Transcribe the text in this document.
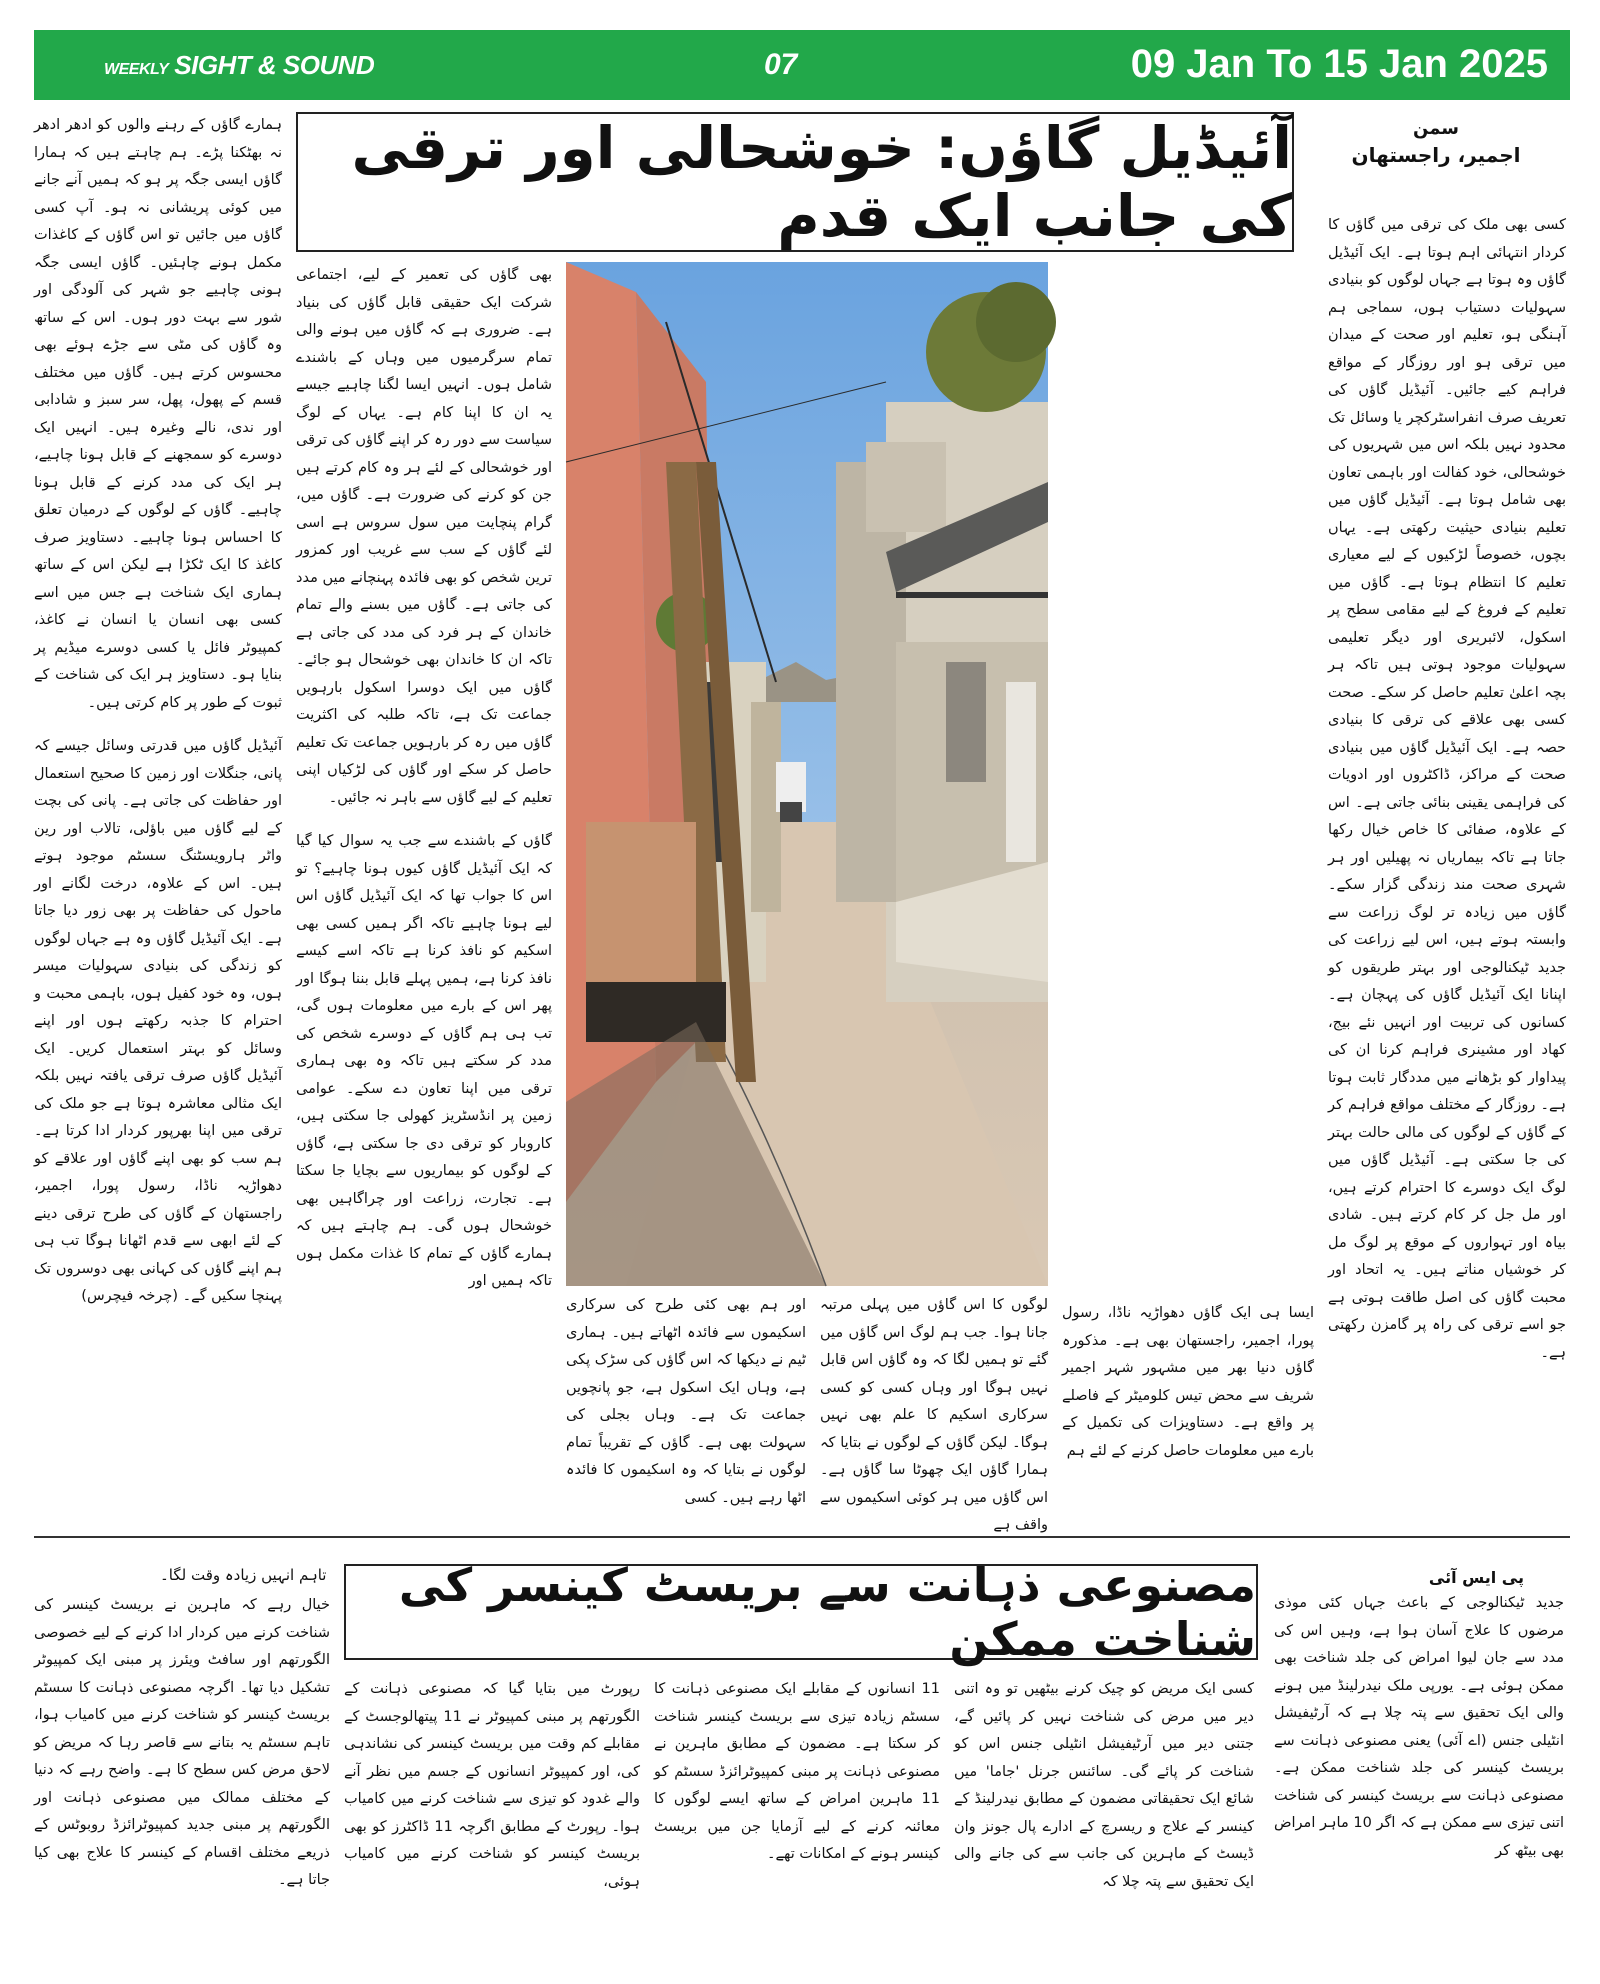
WEEKLY SIGHT & SOUND	07	09 Jan To 15 Jan 2025
آئیڈیل گاؤں: خوشحالی اور ترقی کی جانب ایک قدم
سمن
اجمیر، راجستھان

کسی بھی ملک کی ترقی میں گاؤں کا کردار انتہائی اہم ہوتا ہے۔ ایک آئیڈیل گاؤں وہ ہوتا ہے جہاں لوگوں کو بنیادی سہولیات دستیاب ہوں، سماجی ہم آہنگی ہو، تعلیم اور صحت کے میدان میں ترقی ہو اور روزگار کے مواقع فراہم کیے جائیں۔ آئیڈیل گاؤں کی تعریف صرف انفراسٹرکچر یا وسائل تک محدود نہیں بلکہ اس میں شہریوں کی خوشحالی، خود کفالت اور باہمی تعاون بھی شامل ہوتا ہے۔ آئیڈیل گاؤں میں تعلیم بنیادی حیثیت رکھتی ہے۔ یہاں بچوں، خصوصاً لڑکیوں کے لیے معیاری تعلیم کا انتظام ہوتا ہے۔ گاؤں میں تعلیم کے فروغ کے لیے مقامی سطح پر اسکول، لائبریری اور دیگر تعلیمی سہولیات موجود ہوتی ہیں تاکہ ہر بچہ اعلیٰ تعلیم حاصل کر سکے۔ صحت کسی بھی علاقے کی ترقی کا بنیادی حصہ ہے۔ ایک آئیڈیل گاؤں میں بنیادی صحت کے مراکز، ڈاکٹروں اور ادویات کی فراہمی یقینی بنائی جاتی ہے۔ اس کے علاوہ، صفائی کا خاص خیال رکھا جاتا ہے تاکہ بیماریاں نہ پھیلیں اور ہر شہری صحت مند زندگی گزار سکے۔ گاؤں میں زیادہ تر لوگ زراعت سے وابستہ ہوتے ہیں، اس لیے زراعت کی جدید ٹیکنالوجی اور بہتر طریقوں کو اپنانا ایک آئیڈیل گاؤں کی پہچان ہے۔ کسانوں کی تربیت اور انہیں نئے بیج، کھاد اور مشینری فراہم کرنا ان کی پیداوار کو بڑھانے میں مددگار ثابت ہوتا ہے۔ روزگار کے مختلف مواقع فراہم کر کے گاؤں کے لوگوں کی مالی حالت بہتر کی جا سکتی ہے۔ آئیڈیل گاؤں میں لوگ ایک دوسرے کا احترام کرتے ہیں، اور مل جل کر کام کرتے ہیں۔ شادی بیاہ اور تہواروں کے موقع پر لوگ مل کر خوشیاں مناتے ہیں۔ یہ اتحاد اور محبت گاؤں کی اصل طاقت ہوتی ہے جو اسے ترقی کی راہ پر گامزن رکھتی ہے۔

بھی گاؤں کی تعمیر کے لیے، اجتماعی شرکت ایک حقیقی قابل گاؤں کی بنیاد ہے۔ ضروری ہے کہ گاؤں میں ہونے والی تمام سرگرمیوں میں وہاں کے باشندے شامل ہوں۔ انہیں ایسا لگنا چاہیے جیسے یہ ان کا اپنا کام ہے۔ یہاں کے لوگ سیاست سے دور رہ کر اپنے گاؤں کی ترقی اور خوشحالی کے لئے ہر وہ کام کرتے ہیں جن کو کرنے کی ضرورت ہے۔ گاؤں میں، گرام پنچایت میں سول سروس ہے اسی لئے گاؤں کے سب سے غریب اور کمزور ترین شخص کو بھی فائدہ پہنچانے میں مدد کی جاتی ہے۔ گاؤں میں بسنے والے تمام خاندان کے ہر فرد کی مدد کی جاتی ہے تاکہ ان کا خاندان بھی خوشحال ہو جائے۔ گاؤں میں ایک دوسرا اسکول بارہویں جماعت تک ہے، تاکہ طلبہ کی اکثریت گاؤں میں رہ کر بارہویں جماعت تک تعلیم حاصل کر سکے اور گاؤں کی لڑکیاں اپنی تعلیم کے لیے گاؤں سے باہر نہ جائیں۔

گاؤں کے باشندے سے جب یہ سوال کیا گیا کہ ایک آئیڈیل گاؤں کیوں ہونا چاہیے؟ تو اس کا جواب تھا کہ ایک آئیڈیل گاؤں اس لیے ہونا چاہیے تاکہ اگر ہمیں کسی بھی اسکیم کو نافذ کرنا ہے تاکہ اسے کیسے نافذ کرنا ہے، ہمیں پہلے قابل بننا ہوگا اور پھر اس کے بارے میں معلومات ہوں گی، تب ہی ہم گاؤں کے دوسرے شخص کی مدد کر سکتے ہیں تاکہ وہ بھی ہماری ترقی میں اپنا تعاون دے سکے۔ عوامی زمین پر انڈسٹریز کھولی جا سکتی ہیں، کاروبار کو ترقی دی جا سکتی ہے، گاؤں کے لوگوں کو بیماریوں سے بچایا جا سکتا ہے۔ تجارت، زراعت اور چراگاہیں بھی خوشحال ہوں گی۔ ہم چاہتے ہیں کہ ہمارے گاؤں کے تمام کا غذات مکمل ہوں تاکہ ہمیں اور

ہمارے گاؤں کے رہنے والوں کو ادھر ادھر نہ بھٹکنا پڑے۔ ہم چاہتے ہیں کہ ہمارا گاؤں ایسی جگہ پر ہو کہ ہمیں آنے جانے میں کوئی پریشانی نہ ہو۔ آپ کسی گاؤں میں جائیں تو اس گاؤں کے کاغذات مکمل ہونے چاہئیں۔ گاؤں ایسی جگہ ہونی چاہیے جو شہر کی آلودگی اور شور سے بہت دور ہوں۔ اس کے ساتھ وہ گاؤں کی مٹی سے جڑے ہوئے بھی محسوس کرتے ہیں۔ گاؤں میں مختلف قسم کے پھول، پھل، سر سبز و شادابی اور ندی، نالے وغیرہ ہیں۔ انہیں ایک دوسرے کو سمجھنے کے قابل ہونا چاہیے، ہر ایک کی مدد کرنے کے قابل ہونا چاہیے۔ گاؤں کے لوگوں کے درمیان تعلق کا احساس ہونا چاہیے۔ دستاویز صرف کاغذ کا ایک ٹکڑا ہے لیکن اس کے ساتھ ہماری ایک شناخت ہے جس میں اسے کسی بھی انسان یا انسان نے کاغذ، کمپیوٹر فائل یا کسی دوسرے میڈیم پر بنایا ہو۔ دستاویز ہر ایک کی شناخت کے ثبوت کے طور پر کام کرتی ہیں۔

آئیڈیل گاؤں میں قدرتی وسائل جیسے کہ پانی، جنگلات اور زمین کا صحیح استعمال اور حفاظت کی جاتی ہے۔ پانی کی بچت کے لیے گاؤں میں باؤلی، تالاب اور رین واٹر ہارویسٹنگ سسٹم موجود ہوتے ہیں۔ اس کے علاوہ، درخت لگانے اور ماحول کی حفاظت پر بھی زور دیا جاتا ہے۔ ایک آئیڈیل گاؤں وہ ہے جہاں لوگوں کو زندگی کی بنیادی سہولیات میسر ہوں، وہ خود کفیل ہوں، باہمی محبت و احترام کا جذبہ رکھتے ہوں اور اپنے وسائل کو بہتر استعمال کریں۔ ایک آئیڈیل گاؤں صرف ترقی یافتہ نہیں بلکہ ایک مثالی معاشرہ ہوتا ہے جو ملک کی ترقی میں اپنا بھرپور کردار ادا کرتا ہے۔ ہم سب کو بھی اپنے گاؤں اور علاقے کو دھواڑیہ ناڈا، رسول پورا، اجمیر، راجستھان کے گاؤں کی طرح ترقی دینے کے لئے ابھی سے قدم اٹھانا ہوگا تب ہی ہم اپنے گاؤں کی کہانی بھی دوسروں تک پہنچا سکیں گے۔ (چرخہ فیچرس)

ایسا ہی ایک گاؤں دھواڑیہ ناڈا، رسول پورا، اجمیر، راجستھان بھی ہے۔ مذکورہ گاؤں دنیا بھر میں مشہور شہر اجمیر شریف سے محض تیس کلومیٹر کے فاصلے پر واقع ہے۔ دستاویزات کی تکمیل کے بارے میں معلومات حاصل کرنے کے لئے ہم

لوگوں کا اس گاؤں میں پہلی مرتبہ جانا ہوا۔ جب ہم لوگ اس گاؤں میں گئے تو ہمیں لگا کہ وہ گاؤں اس قابل نہیں ہوگا اور وہاں کسی کو کسی سرکاری اسکیم کا علم بھی نہیں ہوگا۔ لیکن گاؤں کے لوگوں نے بتایا کہ ہمارا گاؤں ایک چھوٹا سا گاؤں ہے۔ اس گاؤں میں ہر کوئی اسکیموں سے واقف ہے

اور ہم بھی کئی طرح کی سرکاری اسکیموں سے فائدہ اٹھاتے ہیں۔ ہماری ٹیم نے دیکھا کہ اس گاؤں کی سڑک پکی ہے، وہاں ایک اسکول ہے، جو پانچویں جماعت تک ہے۔ وہاں بجلی کی سہولت بھی ہے۔ گاؤں کے تقریباً تمام لوگوں نے بتایا کہ وہ اسکیموں کا فائدہ اٹھا رہے ہیں۔ کسی

پی ایس آئی
تاہم انہیں زیادہ وقت لگا۔	مصنوعی ذہانت سے بریسٹ کینسر کی شناخت ممکن

جدید ٹیکنالوجی کے باعث جہاں کئی موذی مرضوں کا علاج آسان ہوا ہے، وہیں اس کی مدد سے جان لیوا امراض کی جلد شناخت بھی ممکن ہوئی ہے۔ یورپی ملک نیدرلینڈ میں ہونے والی ایک تحقیق سے پتہ چلا ہے کہ آرٹیفیشل انٹیلی جنس (اے آئی) یعنی مصنوعی ذہانت سے بریسٹ کینسر کی جلد شناخت ممکن ہے۔ مصنوعی ذہانت سے بریسٹ کینسر کی شناخت اتنی تیزی سے ممکن ہے کہ اگر 10 ماہر امراض بھی بیٹھ کر

کسی ایک مریض کو چیک کرنے بیٹھیں تو وہ اتنی دیر میں مرض کی شناخت نہیں کر پائیں گے، جتنی دیر میں آرٹیفیشل انٹیلی جنس اس کو شناخت کر پائے گی۔ سائنس جرنل 'جاما' میں شائع ایک تحقیقاتی مضمون کے مطابق نیدرلینڈ کے کینسر کے علاج و ریسرچ کے ادارے پال جونز وان ڈیسٹ کے ماہرین کی جانب سے کی جانے والی ایک تحقیق سے پتہ چلا کہ

11 انسانوں کے مقابلے ایک مصنوعی ذہانت کا سسٹم زیادہ تیزی سے بریسٹ کینسر شناخت کر سکتا ہے۔ مضمون کے مطابق ماہرین نے مصنوعی ذہانت پر مبنی کمپیوٹرائزڈ سسٹم کو 11 ماہرین امراض کے ساتھ ایسے لوگوں کا معائنہ کرنے کے لیے آزمایا جن میں بریسٹ کینسر ہونے کے امکانات تھے۔

رپورٹ میں بتایا گیا کہ مصنوعی ذہانت کے الگورتھم پر مبنی کمپیوٹر نے 11 پیتھالوجسٹ کے مقابلے کم وقت میں بریسٹ کینسر کی نشاندہی کی، اور کمپیوٹر انسانوں کے جسم میں نظر آنے والے غدود کو تیزی سے شناخت کرنے میں کامیاب ہوا۔ رپورٹ کے مطابق اگرچہ 11 ڈاکٹرز کو بھی بریسٹ کینسر کو شناخت کرنے میں کامیاب ہوئی،

خیال رہے کہ ماہرین نے بریسٹ کینسر کی شناخت کرنے میں کردار ادا کرنے کے لیے خصوصی الگورتھم اور سافٹ ویئرز پر مبنی ایک کمپیوٹر تشکیل دیا تھا۔ اگرچہ مصنوعی ذہانت کا سسٹم بریسٹ کینسر کو شناخت کرنے میں کامیاب ہوا، تاہم سسٹم یہ بتانے سے قاصر رہا کہ مریض کو لاحق مرض کس سطح کا ہے۔ واضح رہے کہ دنیا کے مختلف ممالک میں مصنوعی ذہانت اور الگورتھم پر مبنی جدید کمپیوٹرائزڈ روبوٹس کے ذریعے مختلف اقسام کے کینسر کا علاج بھی کیا جاتا ہے۔
